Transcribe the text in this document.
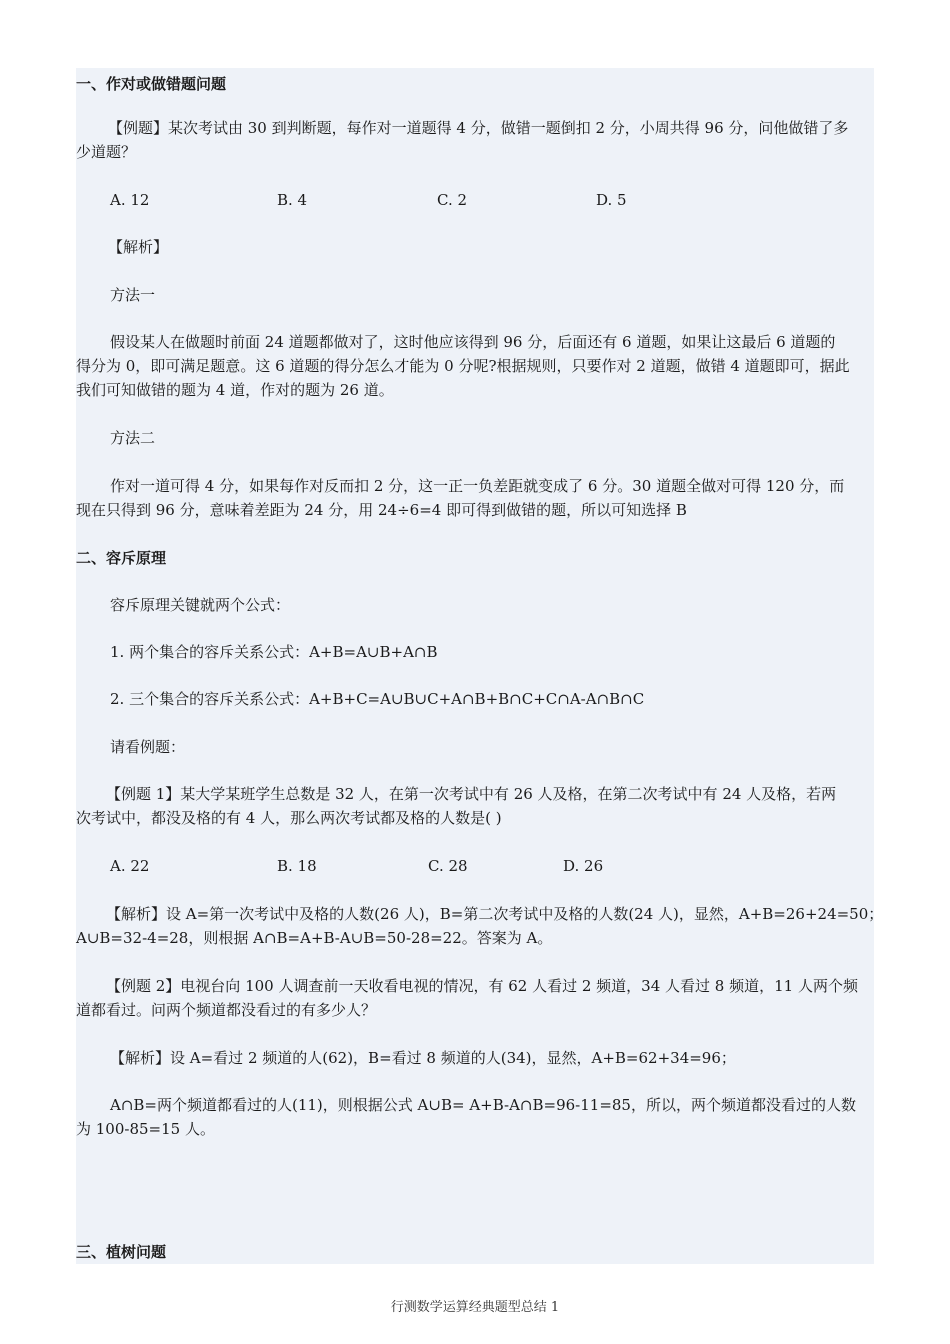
一、作对或做错题问题
【例题】某次考试由 30 到判断题，每作对一道题得 4 分，做错一题倒扣 2 分，小周共得 96 分，问他做错了多
少道题？
A. 12	B. 4	C. 2	D. 5
【解析】
方法一
假设某人在做题时前面 24 道题都做对了，这时他应该得到 96 分，后面还有 6 道题，如果让这最后 6 道题的
得分为 0，即可满足题意。这 6 道题的得分怎么才能为 0 分呢?根据规则，只要作对 2 道题，做错 4 道题即可，据此
我们可知做错的题为 4 道，作对的题为 26 道。
方法二
作对一道可得 4 分，如果每作对反而扣 2 分，这一正一负差距就变成了 6 分。30 道题全做对可得 120 分，而
现在只得到 96 分，意味着差距为 24 分，用 24÷6=4 即可得到做错的题，所以可知选择 B
二、容斥原理
容斥原理关键就两个公式：
1. 两个集合的容斥关系公式：A+B=A∪B+A∩B
2. 三个集合的容斥关系公式：A+B+C=A∪B∪C+A∩B+B∩C+C∩A-A∩B∩C
请看例题：
【例题 1】某大学某班学生总数是 32 人，在第一次考试中有 26 人及格，在第二次考试中有 24 人及格，若两
次考试中，都没及格的有 4 人，那么两次考试都及格的人数是( )
A. 22	B. 18	C. 28	D. 26
【解析】设 A=第一次考试中及格的人数(26 人)，B=第二次考试中及格的人数(24 人)，显然，A+B=26+24=50；
A∪B=32-4=28，则根据 A∩B=A+B-A∪B=50-28=22。答案为 A。
【例题 2】电视台向 100 人调查前一天收看电视的情况，有 62 人看过 2 频道，34 人看过 8 频道，11 人两个频
道都看过。问两个频道都没看过的有多少人？
【解析】设 A=看过 2 频道的人(62)，B=看过 8 频道的人(34)，显然，A+B=62+34=96；
A∩B=两个频道都看过的人(11)，则根据公式 A∪B= A+B-A∩B=96-11=85，所以，两个频道都没看过的人数
为 100-85=15 人。
三、植树问题
行测数学运算经典题型总结 1
